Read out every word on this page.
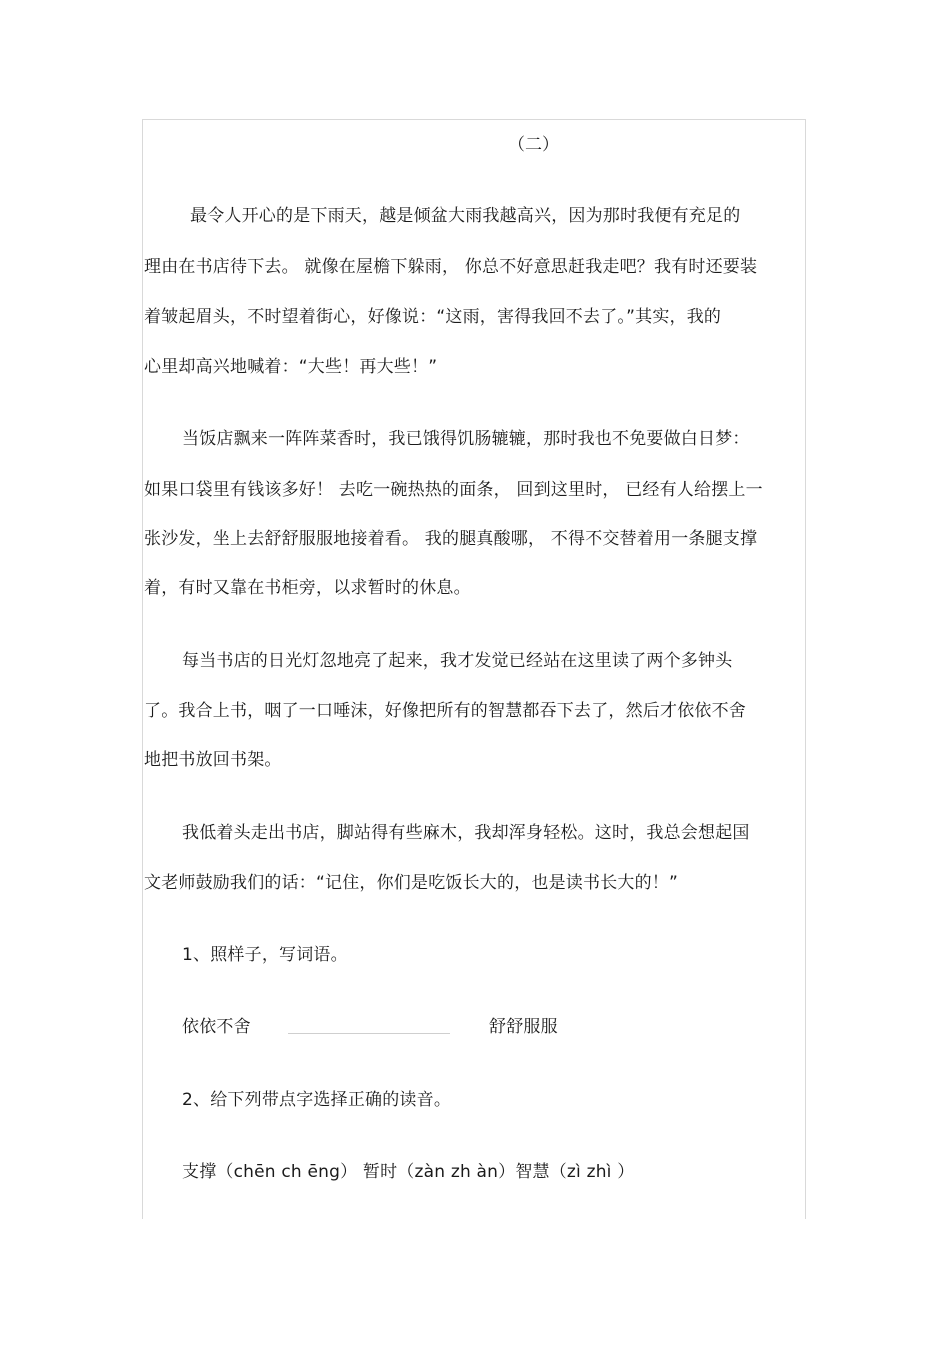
（二）
最令人开心的是下雨天，越是倾盆大雨我越高兴，因为那时我便有充足的
理由在书店待下去。 就像在屋檐下躲雨， 你总不好意思赶我走吧？我有时还要装
着皱起眉头，不时望着街心，好像说：“这雨，害得我回不去了。”其实，我的
心里却高兴地喊着：“大些！再大些！”
当饭店飘来一阵阵菜香时，我已饿得饥肠辘辘，那时我也不免要做白日梦：
如果口袋里有钱该多好！ 去吃一碗热热的面条， 回到这里时， 已经有人给摆上一
张沙发，坐上去舒舒服服地接着看。 我的腿真酸哪， 不得不交替着用一条腿支撑
着，有时又靠在书柜旁，以求暂时的休息。
每当书店的日光灯忽地亮了起来，我才发觉已经站在这里读了两个多钟头
了。我合上书，咽了一口唾沫，好像把所有的智慧都吞下去了，然后才依依不舍
地把书放回书架。
我低着头走出书店，脚站得有些麻木，我却浑身轻松。这时，我总会想起国
文老师鼓励我们的话：“记住，你们是吃饭长大的，也是读书长大的！”
1、照样子，写词语。
依依不舍	舒舒服服
2、给下列带点字选择正确的读音。
支撑（chēn ch ēng） 暂时（zàn zh àn）智慧（zì zhì ）
